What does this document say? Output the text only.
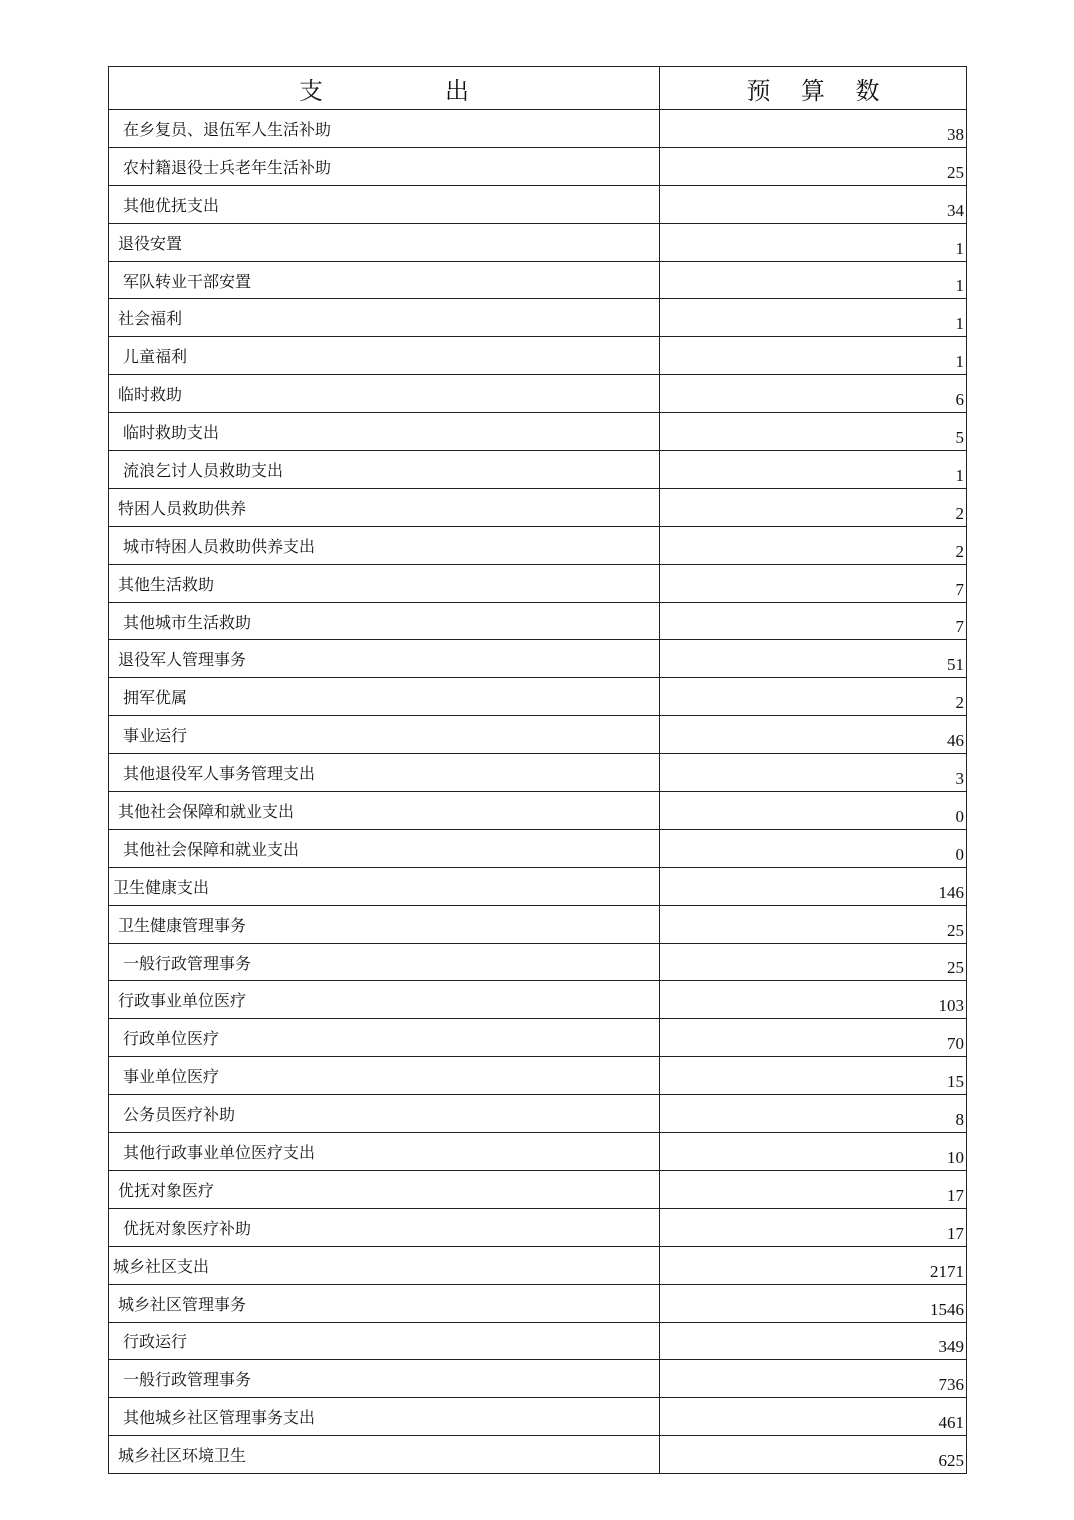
支                出	预    算    数
在乡复员、退伍军人生活补助	38
农村籍退役士兵老年生活补助	25
其他优抚支出	34
退役安置	1
军队转业干部安置	1
社会福利	1
儿童福利	1
临时救助	6
临时救助支出	5
流浪乞讨人员救助支出	1
特困人员救助供养	2
城市特困人员救助供养支出	2
其他生活救助	7
其他城市生活救助	7
退役军人管理事务	51
拥军优属	2
事业运行	46
其他退役军人事务管理支出	3
其他社会保障和就业支出	0
其他社会保障和就业支出	0
卫生健康支出	146
卫生健康管理事务	25
一般行政管理事务	25
行政事业单位医疗	103
行政单位医疗	70
事业单位医疗	15
公务员医疗补助	8
其他行政事业单位医疗支出	10
优抚对象医疗	17
优抚对象医疗补助	17
城乡社区支出	2171
城乡社区管理事务	1546
行政运行	349
一般行政管理事务	736
其他城乡社区管理事务支出	461
城乡社区环境卫生	625
